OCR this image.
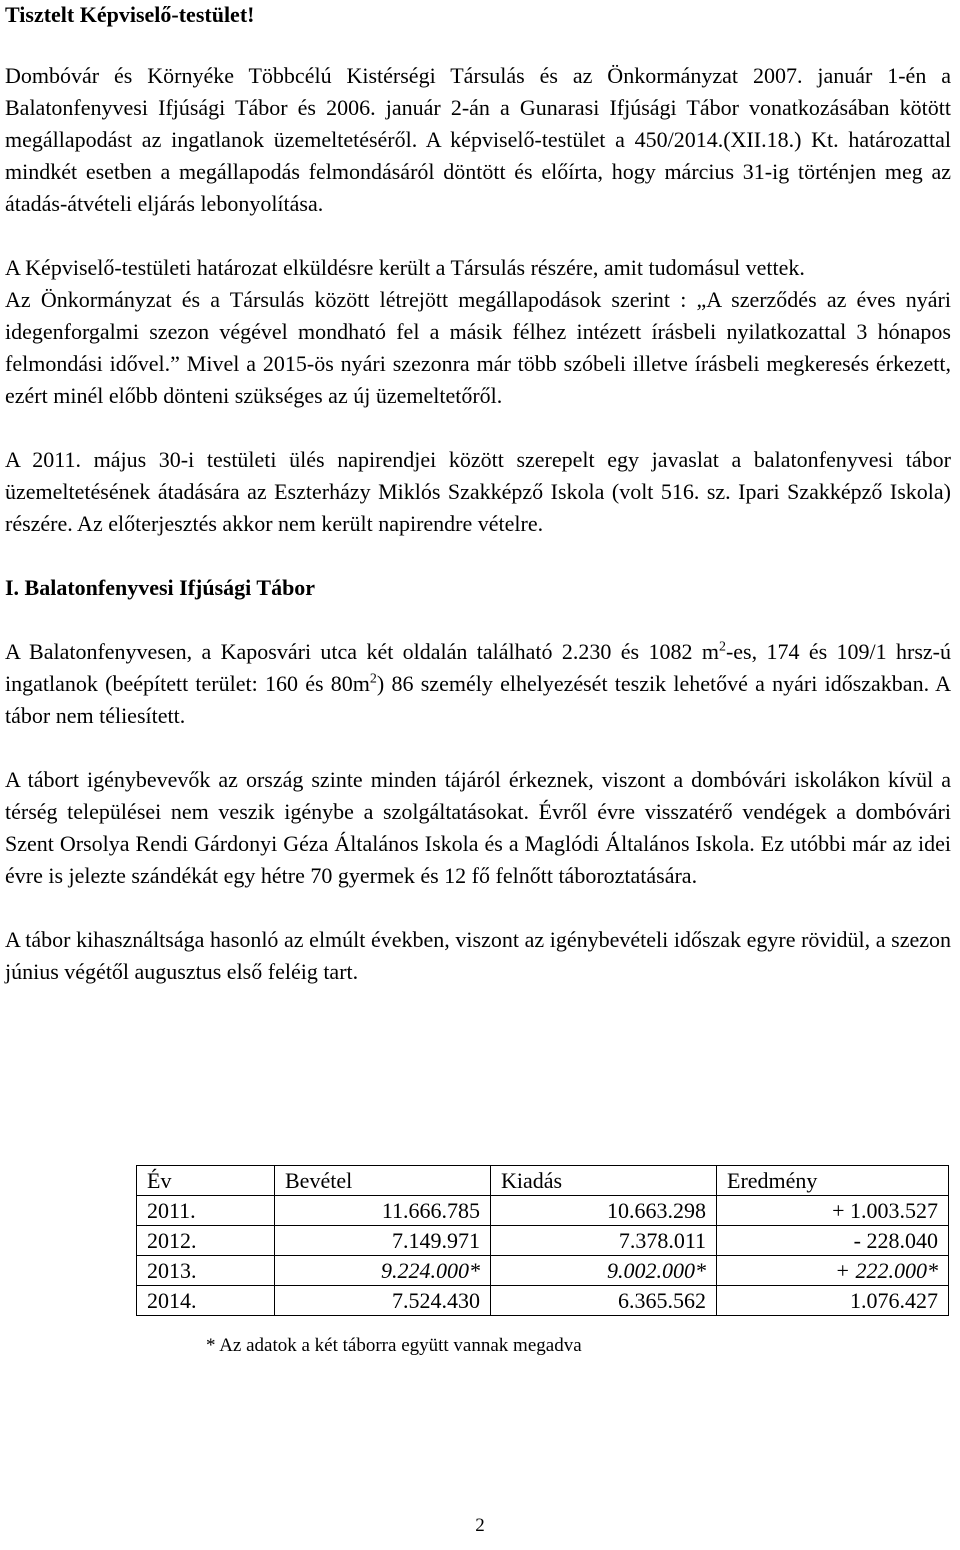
Tisztelt Képviselő-testület!

Dombóvár és Környéke Többcélú Kistérségi Társulás és az Önkormányzat 2007. január 1-én a Balatonfenyvesi Ifjúsági Tábor és 2006. január 2-án a Gunarasi Ifjúsági Tábor vonatkozásában kötött megállapodást az ingatlanok üzemeltetéséről. A képviselő-testület a 450/2014.(XII.18.) Kt. határozattal mindkét esetben a megállapodás felmondásáról döntött és előírta, hogy március 31-ig történjen meg az átadás-átvételi eljárás lebonyolítása.

A Képviselő-testületi határozat elküldésre került a Társulás részére, amit tudomásul vettek.

Az Önkormányzat és a Társulás között létrejött megállapodások szerint : „A szerződés az éves nyári idegenforgalmi szezon végével mondható fel a másik félhez intézett írásbeli nyilatkozattal 3 hónapos felmondási idővel.” Mivel a 2015-ös nyári szezonra már több szóbeli illetve írásbeli megkeresés érkezett, ezért minél előbb dönteni szükséges az új üzemeltetőről.

A 2011. május 30-i testületi ülés napirendjei között szerepelt egy javaslat a balatonfenyvesi tábor üzemeltetésének átadására az Eszterházy Miklós Szakképző Iskola (volt 516. sz. Ipari Szakképző Iskola) részére. Az előterjesztés akkor nem került napirendre vételre.

I. Balatonfenyvesi Ifjúsági Tábor

A Balatonfenyvesen, a Kaposvári utca két oldalán található 2.230 és 1082 $m^2-es$, 174 és 109/1 hrsz-ú ingatlanok (beépített terület: 160 és $80m^2$) 86 személy elhelyezését teszik lehetővé a nyári időszakban. A tábor nem téliesített.

A tábort igénybevevők az ország szinte minden tájáról érkeznek, viszont a dombóvári iskolákon kívül a térség települései nem veszik igénybe a szolgáltatásokat. Évről évre visszatérő vendégek a dombóvári Szent Orsolya Rendi Gárdonyi Géza Általános Iskola és a Maglódi Általános Iskola. Ez utóbbi már az idei évre is jelezte szándékát egy hétre 70 gyermek és 12 fő felnőtt táboroztatására.

A tábor kihasználtsága hasonló az elmúlt években, viszont az igénybevételi időszak egyre rövidül, a szezon június végétől augusztus első feléig tart.

Év	Bevétel	Kiadás	Eredmény
2011.	11.666.785	10.663.298	+ 1.003.527
2012.	7.149.971	7.378.011	- 228.040
2013.	9.224.000*	9.002.000*	+ 222.000*
2014.	7.524.430	6.365.562	1.076.427
* Az adatok a két táborra együtt vannak megadva
2
